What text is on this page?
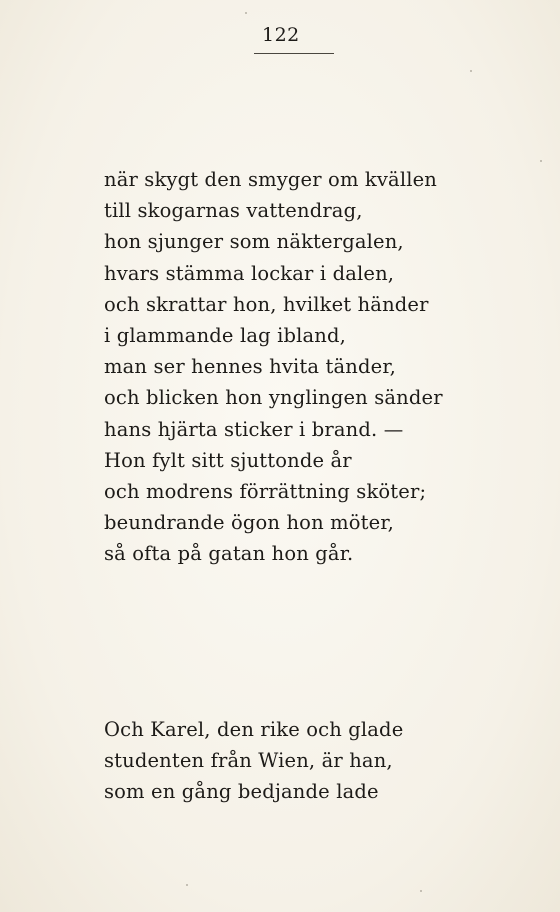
122
när skygt den smyger om kvällen
till skogarnas vattendrag,
hon sjunger som näktergalen,
hvars stämma lockar i dalen,
och skrattar hon, hvilket händer
i glammande lag ibland,
man ser hennes hvita tänder,
och blicken hon ynglingen sänder
hans hjärta sticker i brand. —
Hon fylt sitt sjuttonde år
och modrens förrättning sköter;
beundrande ögon hon möter,
så ofta på gatan hon går.
Och Karel, den rike och glade
studenten från Wien, är han,
som en gång bedjande lade
